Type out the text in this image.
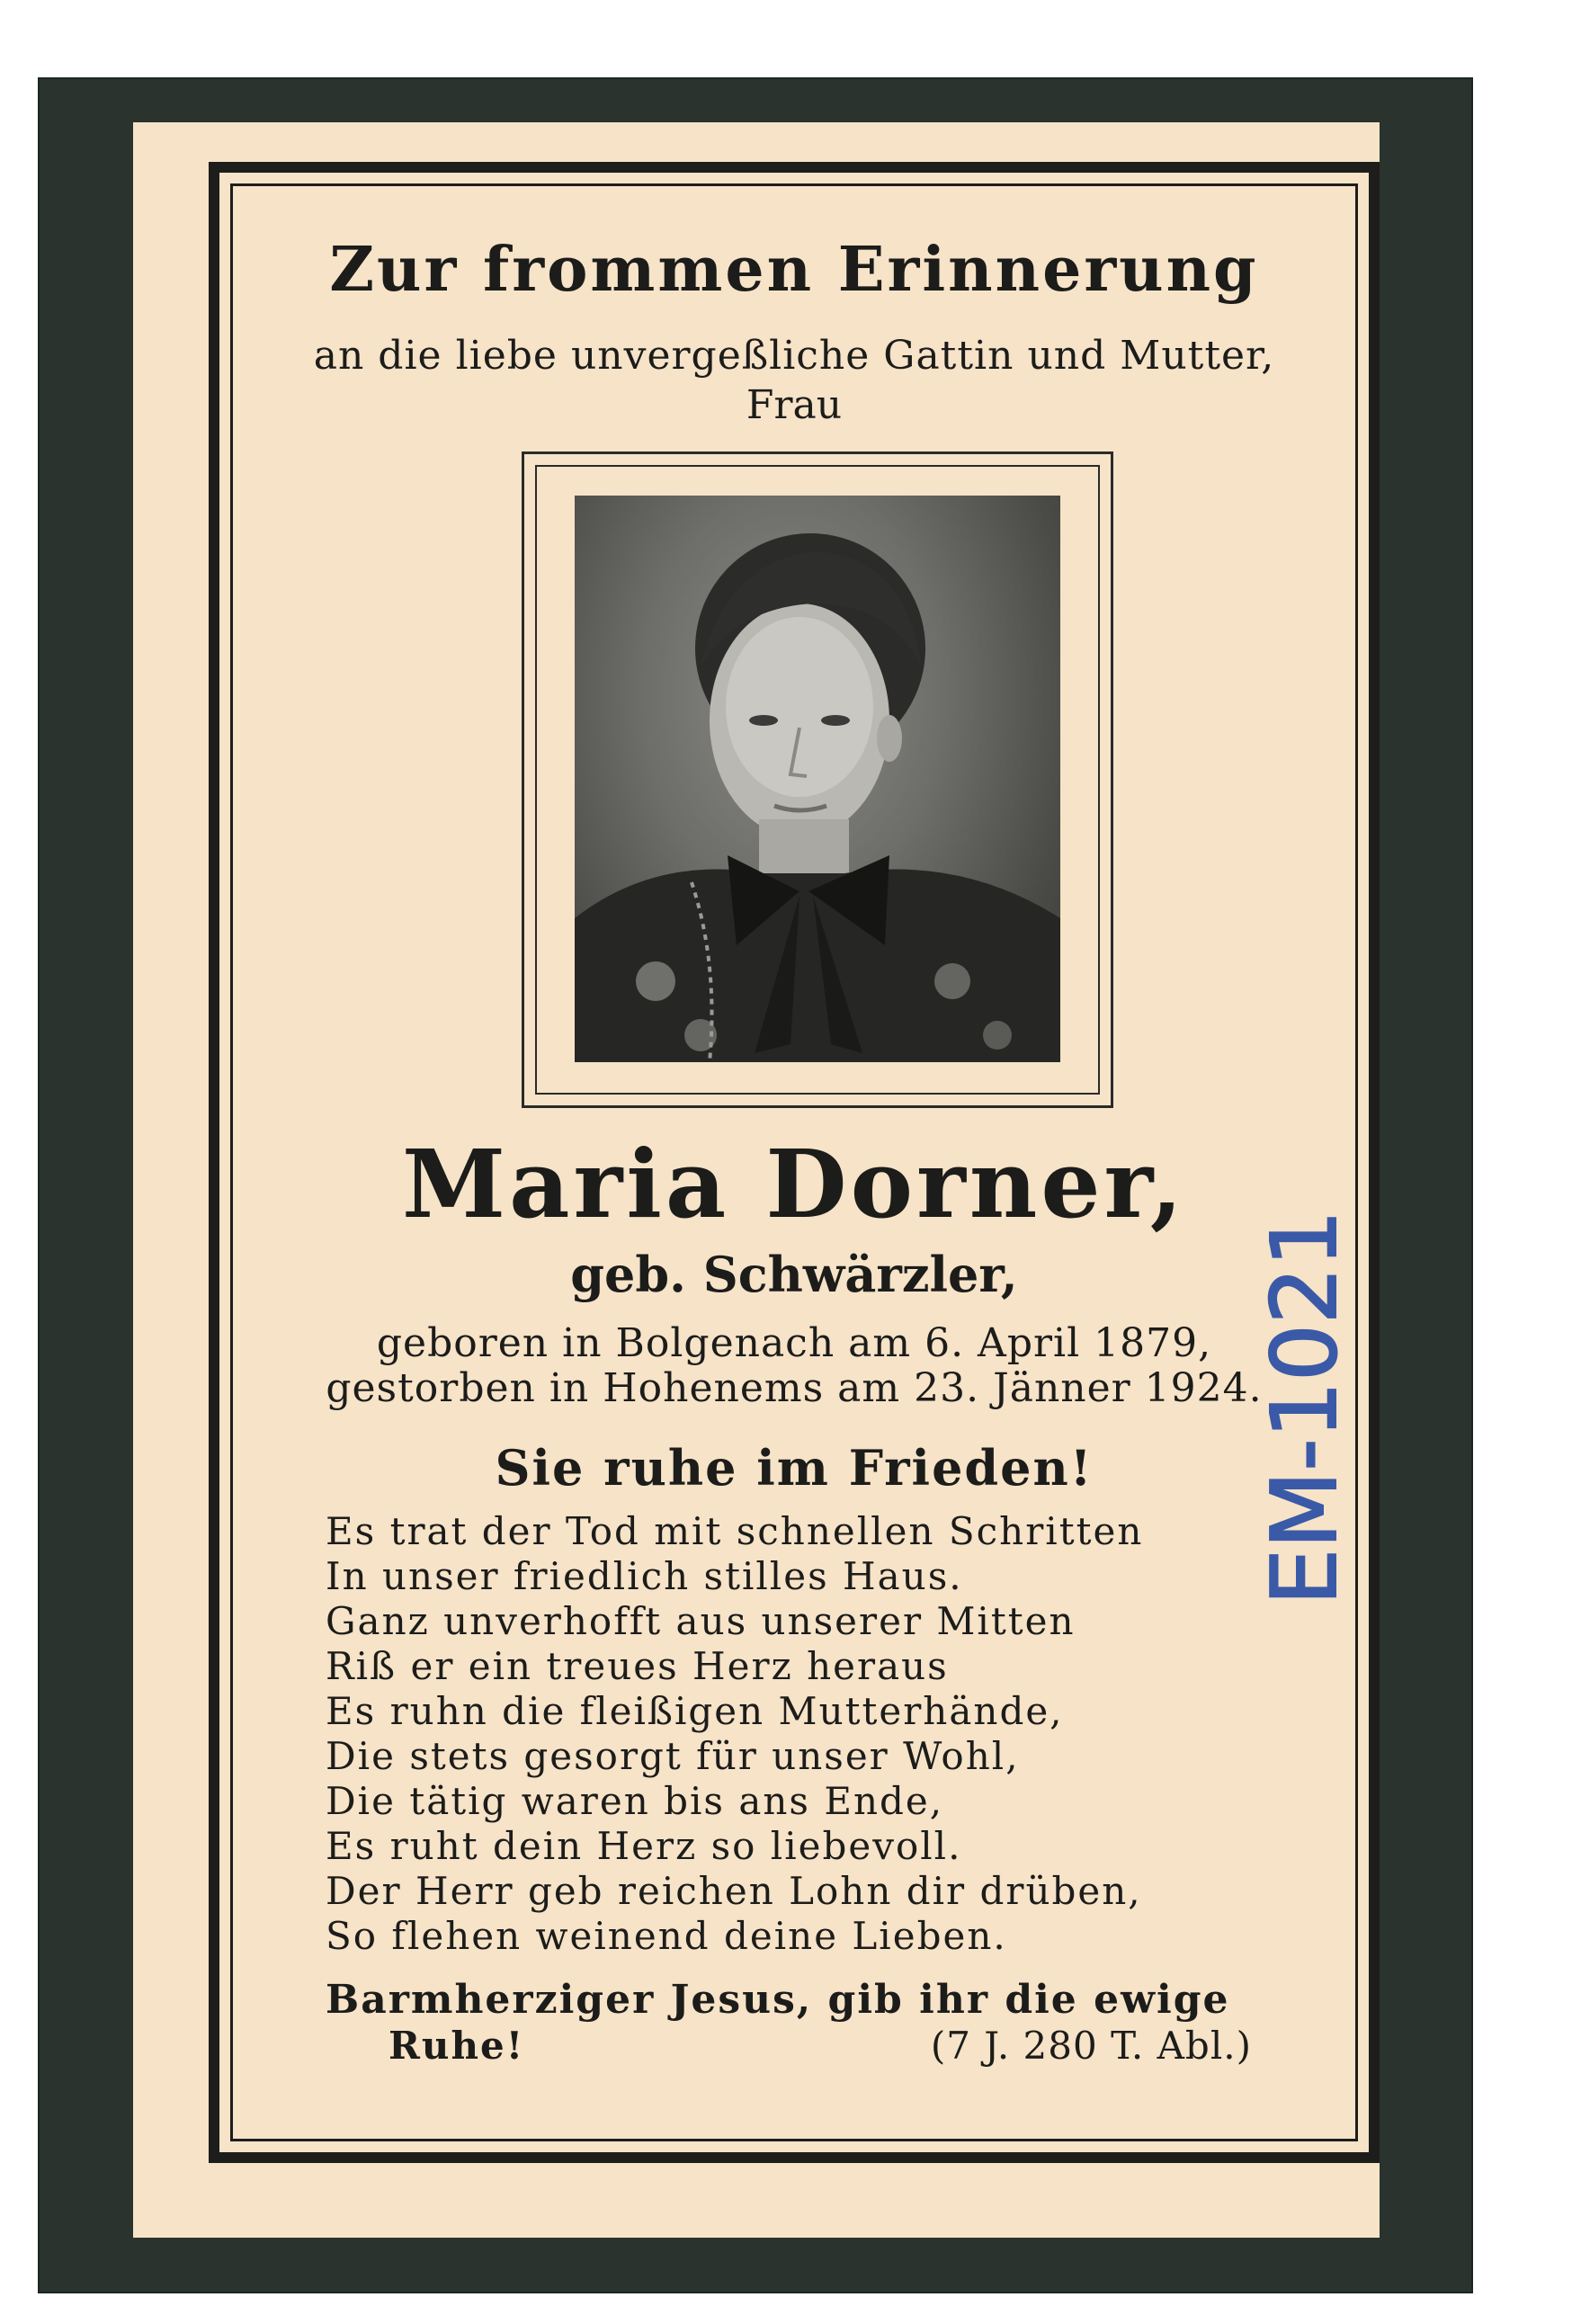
Zur frommen Erinnerung
an die liebe unvergeßliche Gattin und Mutter,
Frau
Maria Dorner,
geb. Schwärzler,
geboren in Bolgenach am 6. April 1879,
gestorben in Hohenems am 23. Jänner 1924.
Sie ruhe im Frieden!
Es trat der Tod mit schnellen Schritten
In unser friedlich stilles Haus.
Ganz unverhofft aus unserer Mitten
Riß er ein treues Herz heraus
Es ruhn die fleißigen Mutterhände,
Die stets gesorgt für unser Wohl,
Die tätig waren bis ans Ende,
Es ruht dein Herz so liebevoll.
Der Herr geb reichen Lohn dir drüben,
So flehen weinend deine Lieben.
Barmherziger Jesus, gib ihr die ewige
Ruhe!	(7 J. 280 T. Abl.)
EM-1021
